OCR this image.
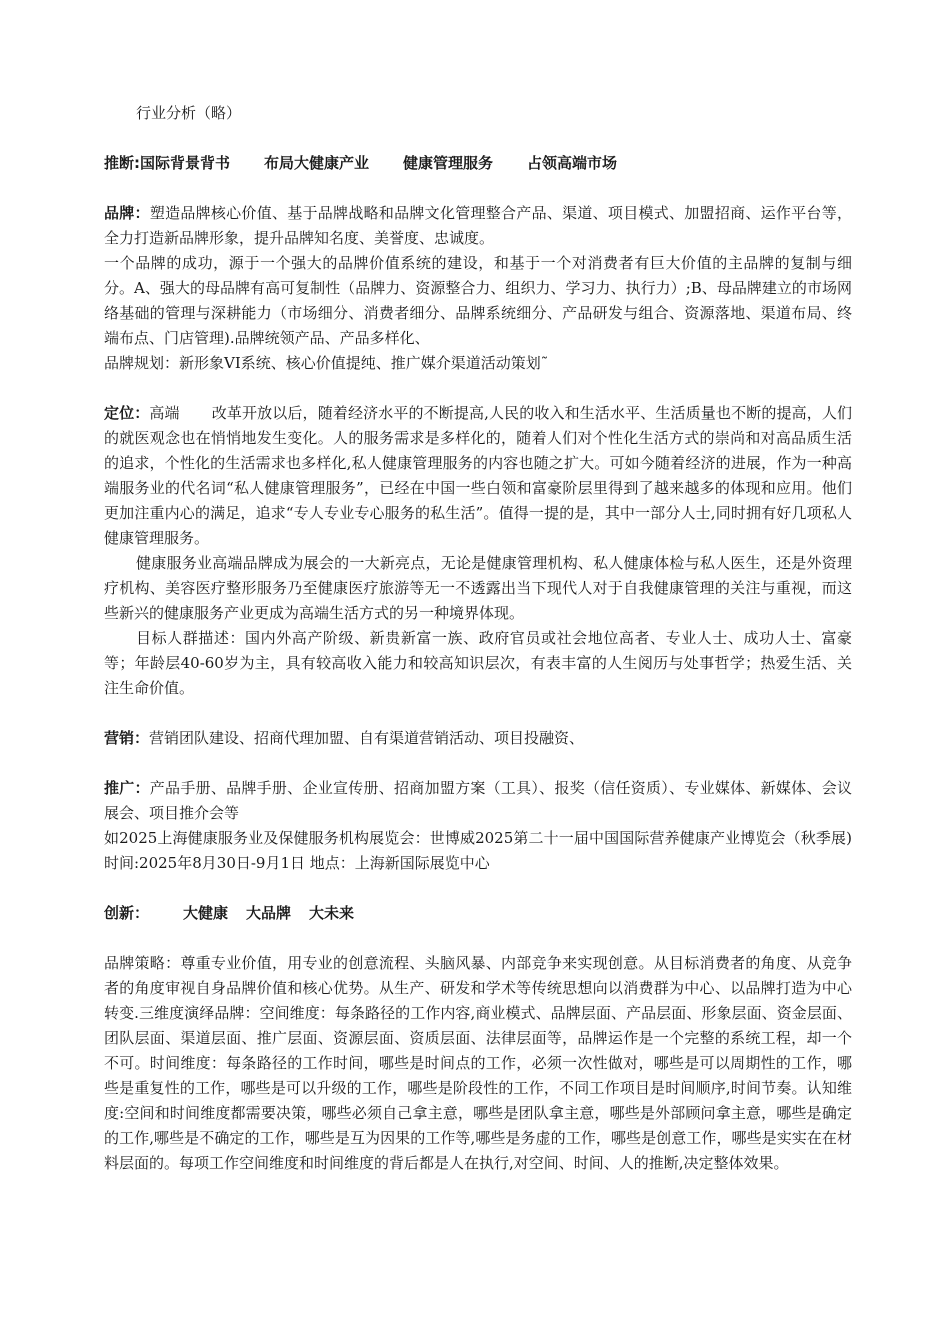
行业分析（略）

推断:国际背景背书 布局大健康产业 健康管理服务 占领高端市场

品牌：塑造品牌核心价值、基于品牌战略和品牌文化管理整合产品、渠道、项目模式、加盟招商、运作平台等，全力打造新品牌形象，提升品牌知名度、美誉度、忠诚度。

一个品牌的成功，源于一个强大的品牌价值系统的建设，和基于一个对消费者有巨大价值的主品牌的复制与细分。A、强大的母品牌有高可复制性（品牌力、资源整合力、组织力、学习力、执行力）;B、母品牌建立的市场网络基础的管理与深耕能力（市场细分、消费者细分、品牌系统细分、产品研发与组合、资源落地、渠道布局、终端布点、门店管理).品牌统领产品、产品多样化、

品牌规划：新形象VI系统、核心价值提纯、推广媒介渠道活动策划˜

定位：高端 改革开放以后，随着经济水平的不断提高,人民的收入和生活水平、生活质量也不断的提高，人们的就医观念也在悄悄地发生变化。人的服务需求是多样化的，随着人们对个性化生活方式的崇尚和对高品质生活的追求，个性化的生活需求也多样化,私人健康管理服务的内容也随之扩大。可如今随着经济的进展，作为一种高端服务业的代名词“私人健康管理服务”，已经在中国一些白领和富豪阶层里得到了越来越多的体现和应用。他们更加注重内心的满足，追求“专人专业专心服务的私生活”。值得一提的是，其中一部分人士,同时拥有好几项私人健康管理服务。

健康服务业高端品牌成为展会的一大新亮点，无论是健康管理机构、私人健康体检与私人医生，还是外资理疗机构、美容医疗整形服务乃至健康医疗旅游等无一不透露出当下现代人对于自我健康管理的关注与重视，而这些新兴的健康服务产业更成为高端生活方式的另一种境界体现。

目标人群描述：国内外高产阶级、新贵新富一族、政府官员或社会地位高者、专业人士、成功人士、富豪等；年龄层40-60岁为主，具有较高收入能力和较高知识层次，有表丰富的人生阅历与处事哲学；热爱生活、关注生命价值。

营销：营销团队建设、招商代理加盟、自有渠道营销活动、项目投融资、

推广：产品手册、品牌手册、企业宣传册、招商加盟方案（工具）、报奖（信任资质）、专业媒体、新媒体、会议展会、项目推介会等

如2025上海健康服务业及保健服务机构展览会：世博威2025第二十一届中国国际营养健康产业博览会（秋季展)时间:2025年8月30日-9月1日 地点：上海新国际展览中心

创新： 大健康 大品牌 大未来

品牌策略：尊重专业价值，用专业的创意流程、头脑风暴、内部竞争来实现创意。从目标消费者的角度、从竞争者的角度审视自身品牌价值和核心优势。从生产、研发和学术等传统思想向以消费群为中心、以品牌打造为中心转变.三维度演绎品牌：空间维度：每条路径的工作内容,商业模式、品牌层面、产品层面、形象层面、资金层面、团队层面、渠道层面、推广层面、资源层面、资质层面、法律层面等，品牌运作是一个完整的系统工程，却一个不可。时间维度：每条路径的工作时间，哪些是时间点的工作，必须一次性做对，哪些是可以周期性的工作，哪些是重复性的工作，哪些是可以升级的工作，哪些是阶段性的工作，不同工作项目是时间顺序,时间节奏。认知维度:空间和时间维度都需要决策，哪些必须自己拿主意，哪些是团队拿主意，哪些是外部顾问拿主意，哪些是确定的工作,哪些是不确定的工作，哪些是互为因果的工作等,哪些是务虚的工作，哪些是创意工作，哪些是实实在在材料层面的。每项工作空间维度和时间维度的背后都是人在执行,对空间、时间、人的推断,决定整体效果。
